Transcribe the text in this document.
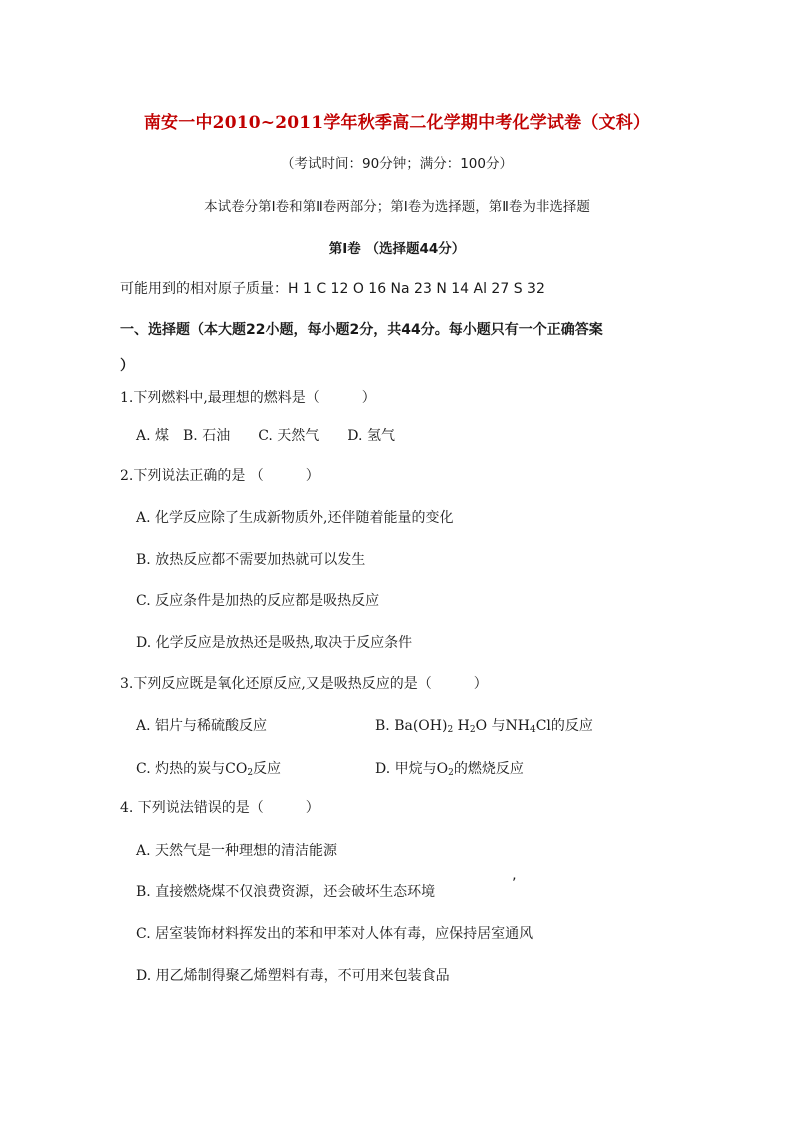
南安一中2010~2011学年秋季高二化学期中考化学试卷（文科）
（考试时间：90分钟；满分：100分）
本试卷分第Ⅰ卷和第Ⅱ卷两部分；第Ⅰ卷为选择题，第Ⅱ卷为非选择题
第Ⅰ卷 （选择题44分）
可能用到的相对原子质量：H 1 C 12 O 16 Na 23 N 14 Al 27 S 32
一、选择题（本大题22小题，每小题2分，共44分。每小题只有一个正确答案
）
1.下列燃料中,最理想的燃料是（　　　）
A. 煤　B. 石油　　C. 天然气　　D. 氢气
2.下列说法正确的是 （　　　）
A. 化学反应除了生成新物质外,还伴随着能量的变化
B. 放热反应都不需要加热就可以发生
C. 反应条件是加热的反应都是吸热反应
D. 化学反应是放热还是吸热,取决于反应条件
3.下列反应既是氧化还原反应,又是吸热反应的是（　　　）
A. 铝片与稀硫酸反应	B. $Ba(OH)_2$ $H_2O$ 与$NH_4Cl$的反应
C. 灼热的炭与$CO_2$反应	D. 甲烷与$O_2$的燃烧反应
4. 下列说法错误的是（　　　）
A. 天然气是一种理想的清洁能源
B. 直接燃烧煤不仅浪费资源，还会破坏生态环境	’
C. 居室装饰材料挥发出的苯和甲苯对人体有毒，应保持居室通风
D. 用乙烯制得聚乙烯塑料有毒，不可用来包装食品
